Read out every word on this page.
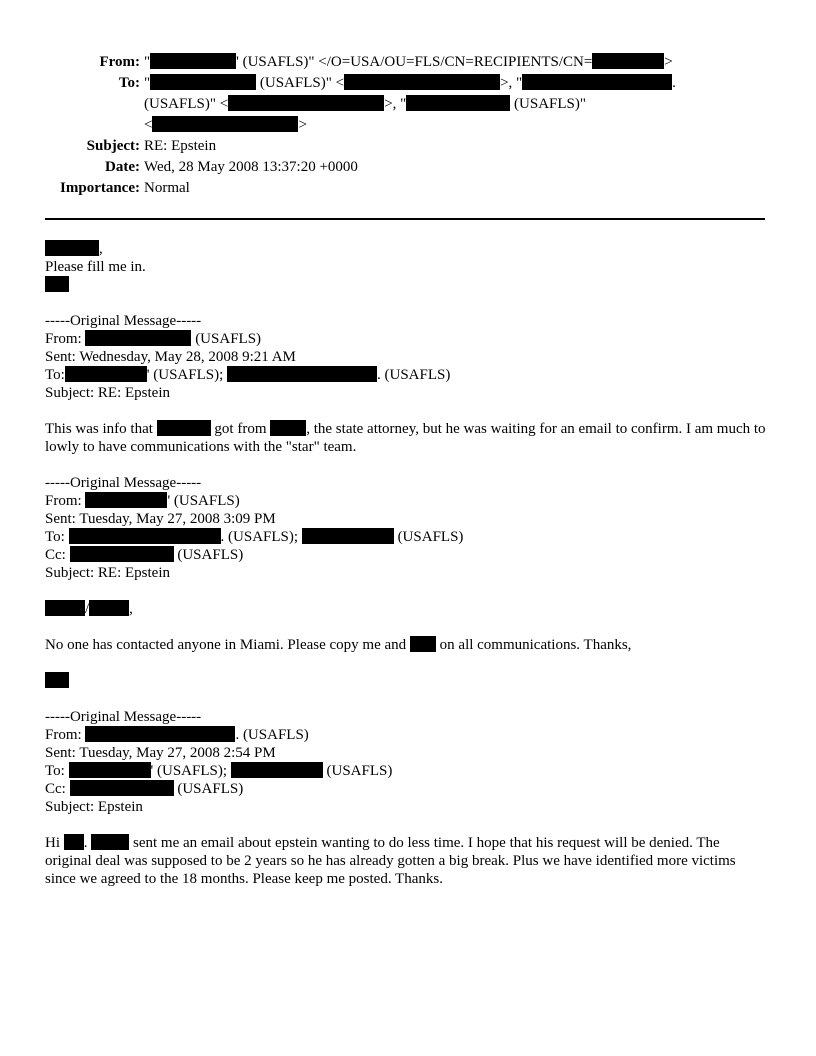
From: "	' (USAFLS)" </O=USA/OU=FLS/CN=RECIPIENTS/CN=	>
To: "	(USAFLS)" <	>, "	.
(USAFLS)" <	>, "	(USAFLS)"
<	>
Subject: RE: Epstein
Date: Wed, 28 May 2008 13:37:20 +0000
Importance: Normal

,

Please fill me in.

-----Original Message-----

From:	(USAFLS)

Sent: Wednesday, May 28, 2008 9:21 AM

To:	' (USAFLS);	. (USAFLS)

Subject: RE: Epstein

This was info that	got from , the state attorney, but he was waiting for an email to confirm. I am much to lowly to have communications with the "star" team.

-----Original Message-----

From:	' (USAFLS)

Sent: Tuesday, May 27, 2008 3:09 PM

To:	. (USAFLS);	(USAFLS)

Cc:	(USAFLS)

Subject: RE: Epstein

/	,

No one has contacted anyone in Miami. Please copy me and  on all communications. Thanks,

-----Original Message-----

From:	. (USAFLS)

Sent: Tuesday, May 27, 2008 2:54 PM

To:	' (USAFLS);	(USAFLS)

Cc:	(USAFLS)

Subject: Epstein

Hi .	sent me an email about epstein wanting to do less time. I hope that his request will be denied. The original deal was supposed to be 2 years so he has already gotten a big break. Plus we have identified more victims since we agreed to the 18 months. Please keep me posted. Thanks.
